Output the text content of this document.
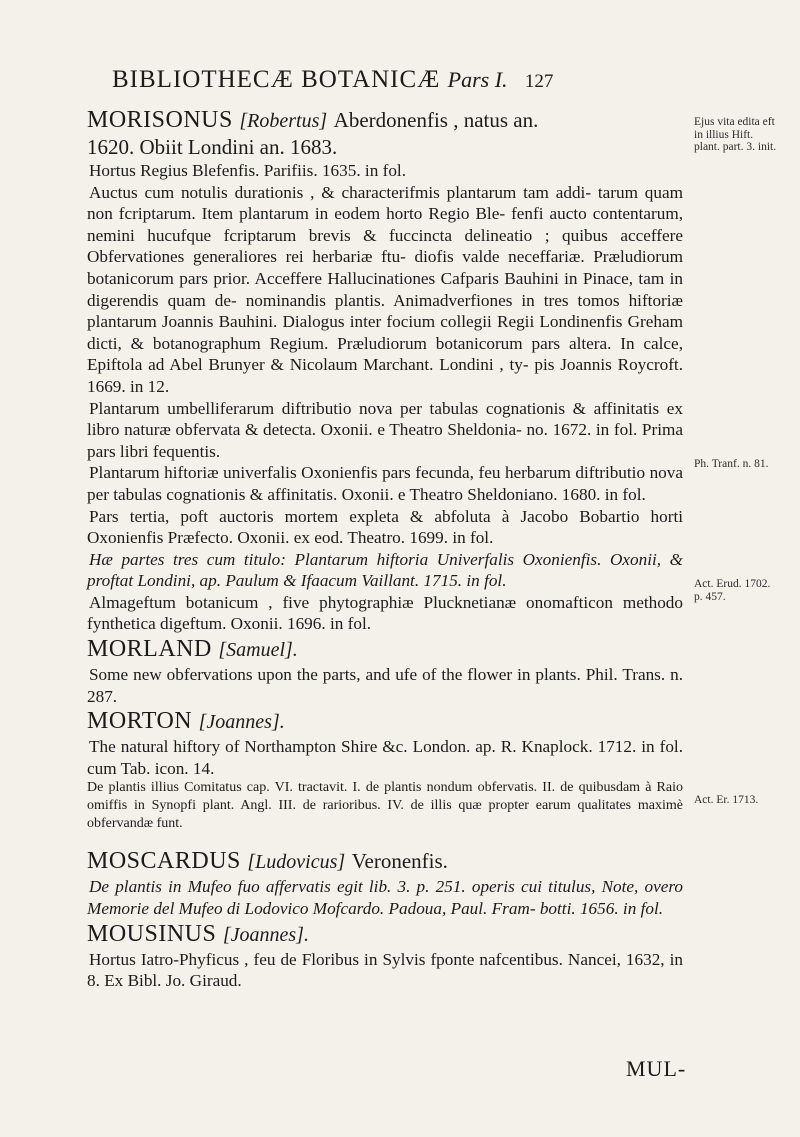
BIBLIOTHECÆ BOTANICÆ Pars I. 127

MORISONUS [Robertus] Aberdonenfis , natus an.

1620. Obiit Londini an. 1683.

Hortus Regius Blefenfis. Parifiis. 1635. in fol.

Auctus cum notulis durationis , & characterifmis plantarum tam addi- tarum quam non fcriptarum. Item plantarum in eodem horto Regio Ble- fenfi aucto contentarum, nemini hucufque fcriptarum brevis & fuccincta delineatio ; quibus acceffere Obfervationes generaliores rei herbariæ ftu- diofis valde neceffariæ. Præludiorum botanicorum pars prior. Acceffere Hallucinationes Cafparis Bauhini in Pinace, tam in digerendis quam de- nominandis plantis. Animadverfiones in tres tomos hiftoriæ plantarum Joannis Bauhini. Dialogus inter focium collegii Regii Londinenfis Greham dicti, & botanographum Regium. Præludiorum botanicorum pars altera. In calce, Epiftola ad Abel Brunyer & Nicolaum Marchant. Londini , ty- pis Joannis Roycroft. 1669. in 12.

Plantarum umbelliferarum diftributio nova per tabulas cognationis & affinitatis ex libro naturæ obfervata & detecta. Oxonii. e Theatro Sheldonia- no. 1672. in fol. Prima pars libri fequentis.

Plantarum hiftoriæ univerfalis Oxonienfis pars fecunda, feu herbarum diftributio nova per tabulas cognationis & affinitatis. Oxonii. e Theatro Sheldoniano. 1680. in fol.

Pars tertia, poft auctoris mortem expleta & abfoluta à Jacobo Bobartio horti Oxonienfis Præfecto. Oxonii. ex eod. Theatro. 1699. in fol.

Hæ partes tres cum titulo: Plantarum hiftoria Univerfalis Oxonienfis. Oxonii, & proftat Londini, ap. Paulum & Ifaacum Vaillant. 1715. in fol.

Almageftum botanicum , five phytographiæ Plucknetianæ onomafticon methodo fynthetica digeftum. Oxonii. 1696. in fol.

MORLAND [Samuel].

Some new obfervations upon the parts, and ufe of the flower in plants. Phil. Trans. n. 287.

MORTON [Joannes].

The natural hiftory of Northampton Shire &c. London. ap. R. Knaplock. 1712. in fol. cum Tab. icon. 14.

De plantis illius Comitatus cap. VI. tractavit. I. de plantis nondum obfervatis. II. de quibusdam à Raio omiffis in Synopfi plant. Angl. III. de rarioribus. IV. de illis quæ propter earum qualitates maximè obfervandæ funt.

MOSCARDUS [Ludovicus] Veronenfis.

De plantis in Mufeo fuo affervatis egit lib. 3. p. 251. operis cui titulus, Note, overo Memorie del Mufeo di Lodovico Mofcardo. Padoua, Paul. Fram- botti. 1656. in fol.

MOUSINUS [Joannes].

Hortus Iatro-Phyficus , feu de Floribus in Sylvis fponte nafcentibus. Nancei, 1632, in 8. Ex Bibl. Jo. Giraud.

Ejus vita edita eft in illius Hift. plant. part. 3. init.
Ph. Tranf. n. 81.
Act. Erud. 1702. p. 457.
Act. Er. 1713.
MUL-
